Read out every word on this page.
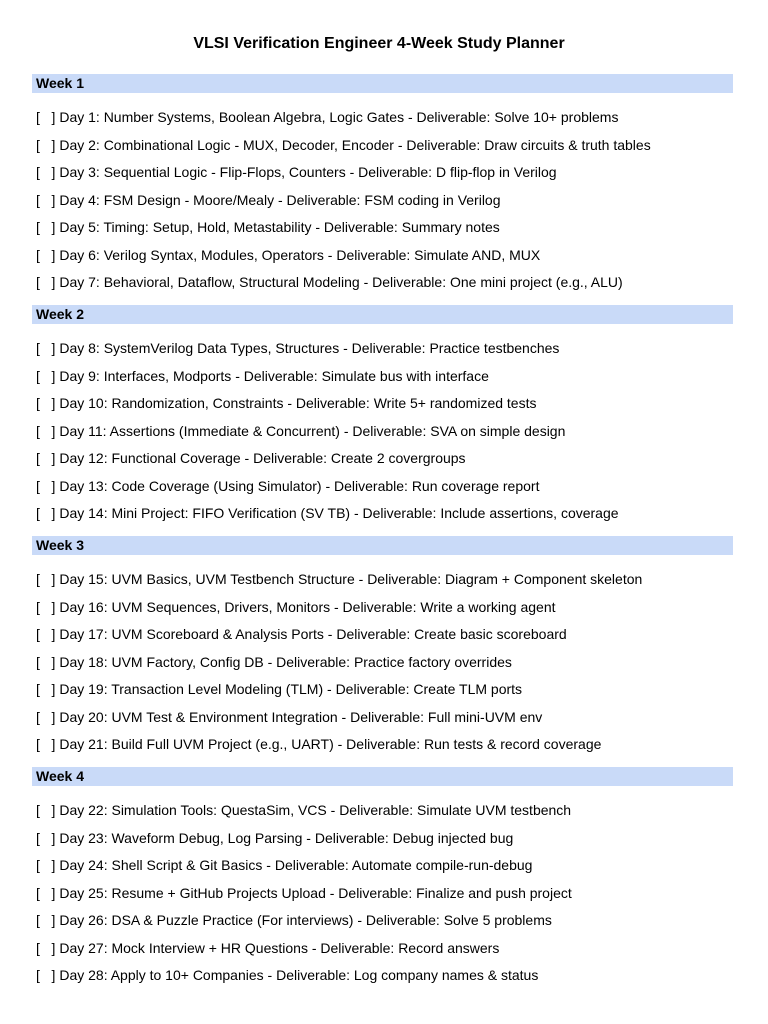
VLSI Verification Engineer 4-Week Study Planner
Week 1
[   ] Day 1: Number Systems, Boolean Algebra, Logic Gates - Deliverable: Solve 10+ problems
[   ] Day 2: Combinational Logic - MUX, Decoder, Encoder - Deliverable: Draw circuits & truth tables
[   ] Day 3: Sequential Logic - Flip-Flops, Counters - Deliverable: D flip-flop in Verilog
[   ] Day 4: FSM Design - Moore/Mealy - Deliverable: FSM coding in Verilog
[   ] Day 5: Timing: Setup, Hold, Metastability - Deliverable: Summary notes
[   ] Day 6: Verilog Syntax, Modules, Operators - Deliverable: Simulate AND, MUX
[   ] Day 7: Behavioral, Dataflow, Structural Modeling - Deliverable: One mini project (e.g., ALU)
Week 2
[   ] Day 8: SystemVerilog Data Types, Structures - Deliverable: Practice testbenches
[   ] Day 9: Interfaces, Modports - Deliverable: Simulate bus with interface
[   ] Day 10: Randomization, Constraints - Deliverable: Write 5+ randomized tests
[   ] Day 11: Assertions (Immediate & Concurrent) - Deliverable: SVA on simple design
[   ] Day 12: Functional Coverage - Deliverable: Create 2 covergroups
[   ] Day 13: Code Coverage (Using Simulator) - Deliverable: Run coverage report
[   ] Day 14: Mini Project: FIFO Verification (SV TB) - Deliverable: Include assertions, coverage
Week 3
[   ] Day 15: UVM Basics, UVM Testbench Structure - Deliverable: Diagram + Component skeleton
[   ] Day 16: UVM Sequences, Drivers, Monitors - Deliverable: Write a working agent
[   ] Day 17: UVM Scoreboard & Analysis Ports - Deliverable: Create basic scoreboard
[   ] Day 18: UVM Factory, Config DB - Deliverable: Practice factory overrides
[   ] Day 19: Transaction Level Modeling (TLM) - Deliverable: Create TLM ports
[   ] Day 20: UVM Test & Environment Integration - Deliverable: Full mini-UVM env
[   ] Day 21: Build Full UVM Project (e.g., UART) - Deliverable: Run tests & record coverage
Week 4
[   ] Day 22: Simulation Tools: QuestaSim, VCS - Deliverable: Simulate UVM testbench
[   ] Day 23: Waveform Debug, Log Parsing - Deliverable: Debug injected bug
[   ] Day 24: Shell Script & Git Basics - Deliverable: Automate compile-run-debug
[   ] Day 25: Resume + GitHub Projects Upload - Deliverable: Finalize and push project
[   ] Day 26: DSA & Puzzle Practice (For interviews) - Deliverable: Solve 5 problems
[   ] Day 27: Mock Interview + HR Questions - Deliverable: Record answers
[   ] Day 28: Apply to 10+ Companies - Deliverable: Log company names & status
